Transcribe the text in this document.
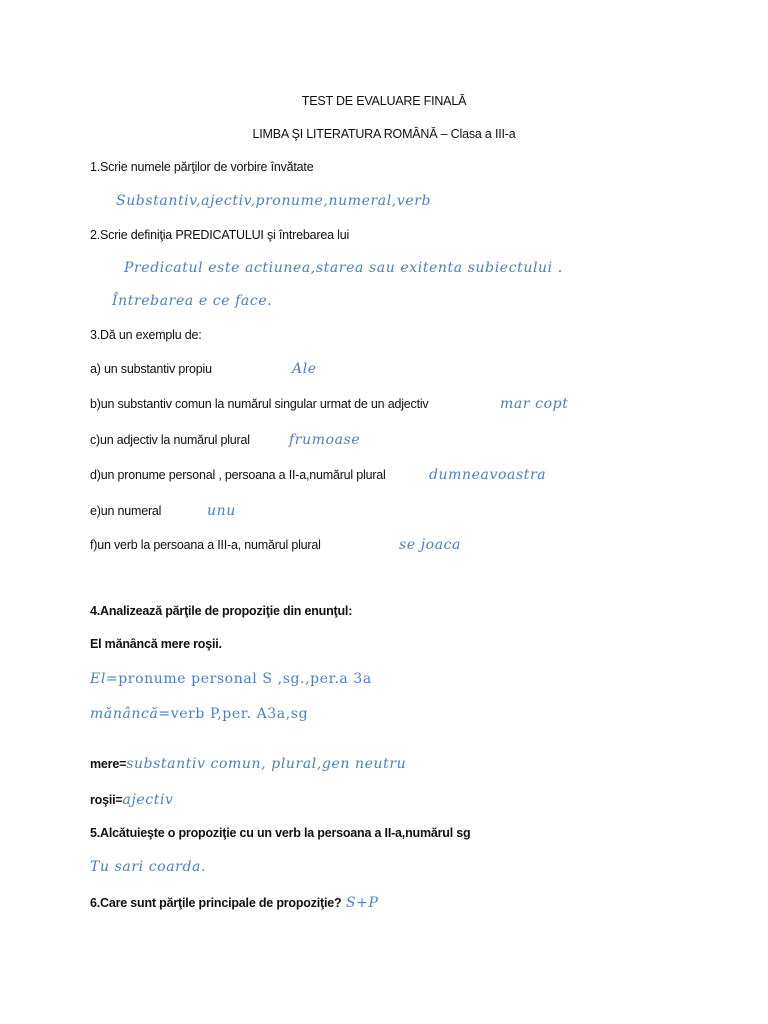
TEST DE EVALUARE FINALĂ
LIMBA ŞI LITERATURA ROMÂNĂ – Clasa a III-a
1.Scrie numele părţilor de vorbire învătate
Substantiv,ajectiv,pronume,numeral,verb
2.Scrie definiţia PREDICATULUI şi întrebarea lui
Predicatul este actiunea,starea sau exitenta subiectului .
Întrebarea e ce face.
3.Dă un exemplu de:
a) un substantiv propiu	Ale
b)un substantiv comun la numărul singular urmat de un adjectiv	mar copt
c)un adjectiv la numărul plural	frumoase
d)un pronume personal , persoana a II-a,numărul plural	dumneavoastra
e)un numeral	unu
f)un verb la persoana a III-a, numărul plural	se joaca
4.Analizează părţile de propoziţie din enunţul:
El mănâncă mere roşii.
El=pronume personal S ,sg.,per.a 3a
mănâncă=verb P,per. A3a,sg
mere=substantiv comun, plural,gen neutru
roşii=ajectiv
5.Alcătuieşte o propoziţie cu un verb la persoana a II-a,numărul sg
Tu sari coarda.
6.Care sunt părţile principale de propoziţie? S+P
